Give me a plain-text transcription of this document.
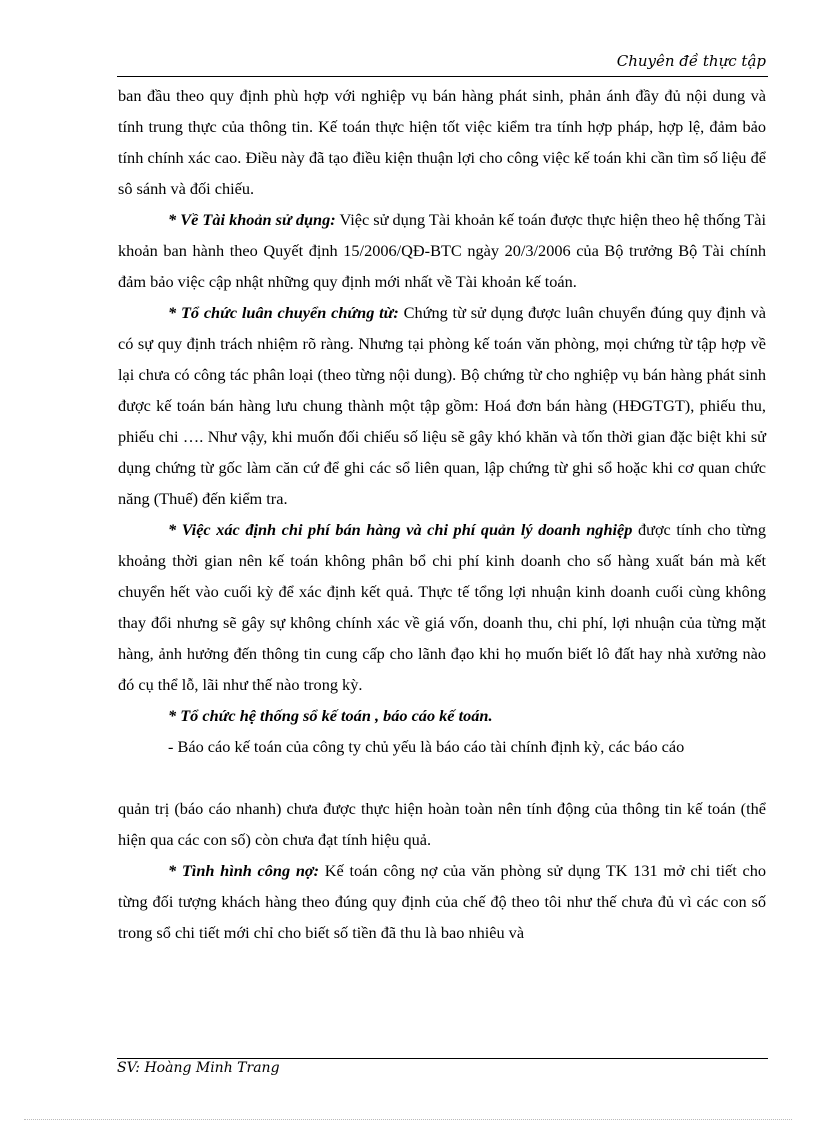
Chuyên đề thực tập

ban đầu theo quy định phù hợp với nghiệp vụ bán hàng phát sinh, phản ánh đầy đủ nội dung và tính trung thực của thông tin. Kế toán thực hiện tốt việc kiểm tra tính hợp pháp, hợp lệ, đảm bảo tính chính xác cao. Điều này đã tạo điều kiện thuận lợi cho công việc kế toán khi cần tìm số liệu để sô sánh và đối chiếu.

* Về Tài khoản sử dụng: Việc sử dụng Tài khoản kế toán được thực hiện theo hệ thống Tài khoản ban hành theo Quyết định 15/2006/QĐ-BTC ngày 20/3/2006 của Bộ trưởng Bộ Tài chính đảm bảo việc cập nhật những quy định mới nhất về Tài khoản kế toán.

* Tổ chức luân chuyển chứng từ: Chứng từ sử dụng được luân chuyển đúng quy định và có sự quy định trách nhiệm rõ ràng. Nhưng tại phòng kế toán văn phòng, mọi chứng từ tập hợp về lại chưa có công tác phân loại (theo từng nội dung). Bộ chứng từ cho nghiệp vụ bán hàng phát sinh được kế toán bán hàng lưu chung thành một tập gồm: Hoá đơn bán hàng (HĐGTGT), phiếu thu, phiếu chi …. Như vậy, khi muốn đối chiếu số liệu sẽ gây khó khăn và tốn thời gian đặc biệt khi sử dụng chứng từ gốc làm căn cứ để ghi các sổ liên quan, lập chứng từ ghi sổ hoặc khi cơ quan chức năng (Thuế) đến kiểm tra.

* Việc xác định chi phí bán hàng và chi phí quản lý doanh nghiệp được tính cho từng khoảng thời gian nên kế toán không phân bổ chi phí kinh doanh cho số hàng xuất bán mà kết chuyển hết vào cuối kỳ để xác định kết quả. Thực tế tổng lợi nhuận kinh doanh cuối cùng không thay đổi nhưng sẽ gây sự không chính xác về giá vốn, doanh thu, chi phí, lợi nhuận của từng mặt hàng, ảnh hưởng đến thông tin cung cấp cho lãnh đạo khi họ muốn biết lô đất hay nhà xưởng nào đó cụ thể lỗ, lãi như thế nào trong kỳ.

* Tổ chức hệ thống sổ kế toán , báo cáo kế toán.

- Báo cáo kế toán của công ty chủ yếu là báo cáo tài chính định kỳ, các báo cáo

quản trị (báo cáo nhanh) chưa được thực hiện hoàn toàn nên tính động của thông tin kế toán (thể hiện qua các con số) còn chưa đạt tính hiệu quả.

* Tình hình công nợ: Kế toán công nợ của văn phòng sử dụng TK 131 mở chi tiết cho từng đối tượng khách hàng theo đúng quy định của chế độ theo tôi như thế chưa đủ vì các con số trong sổ chi tiết mới chỉ cho biết số tiền đã thu là bao nhiêu và

SV: Hoàng Minh Trang
